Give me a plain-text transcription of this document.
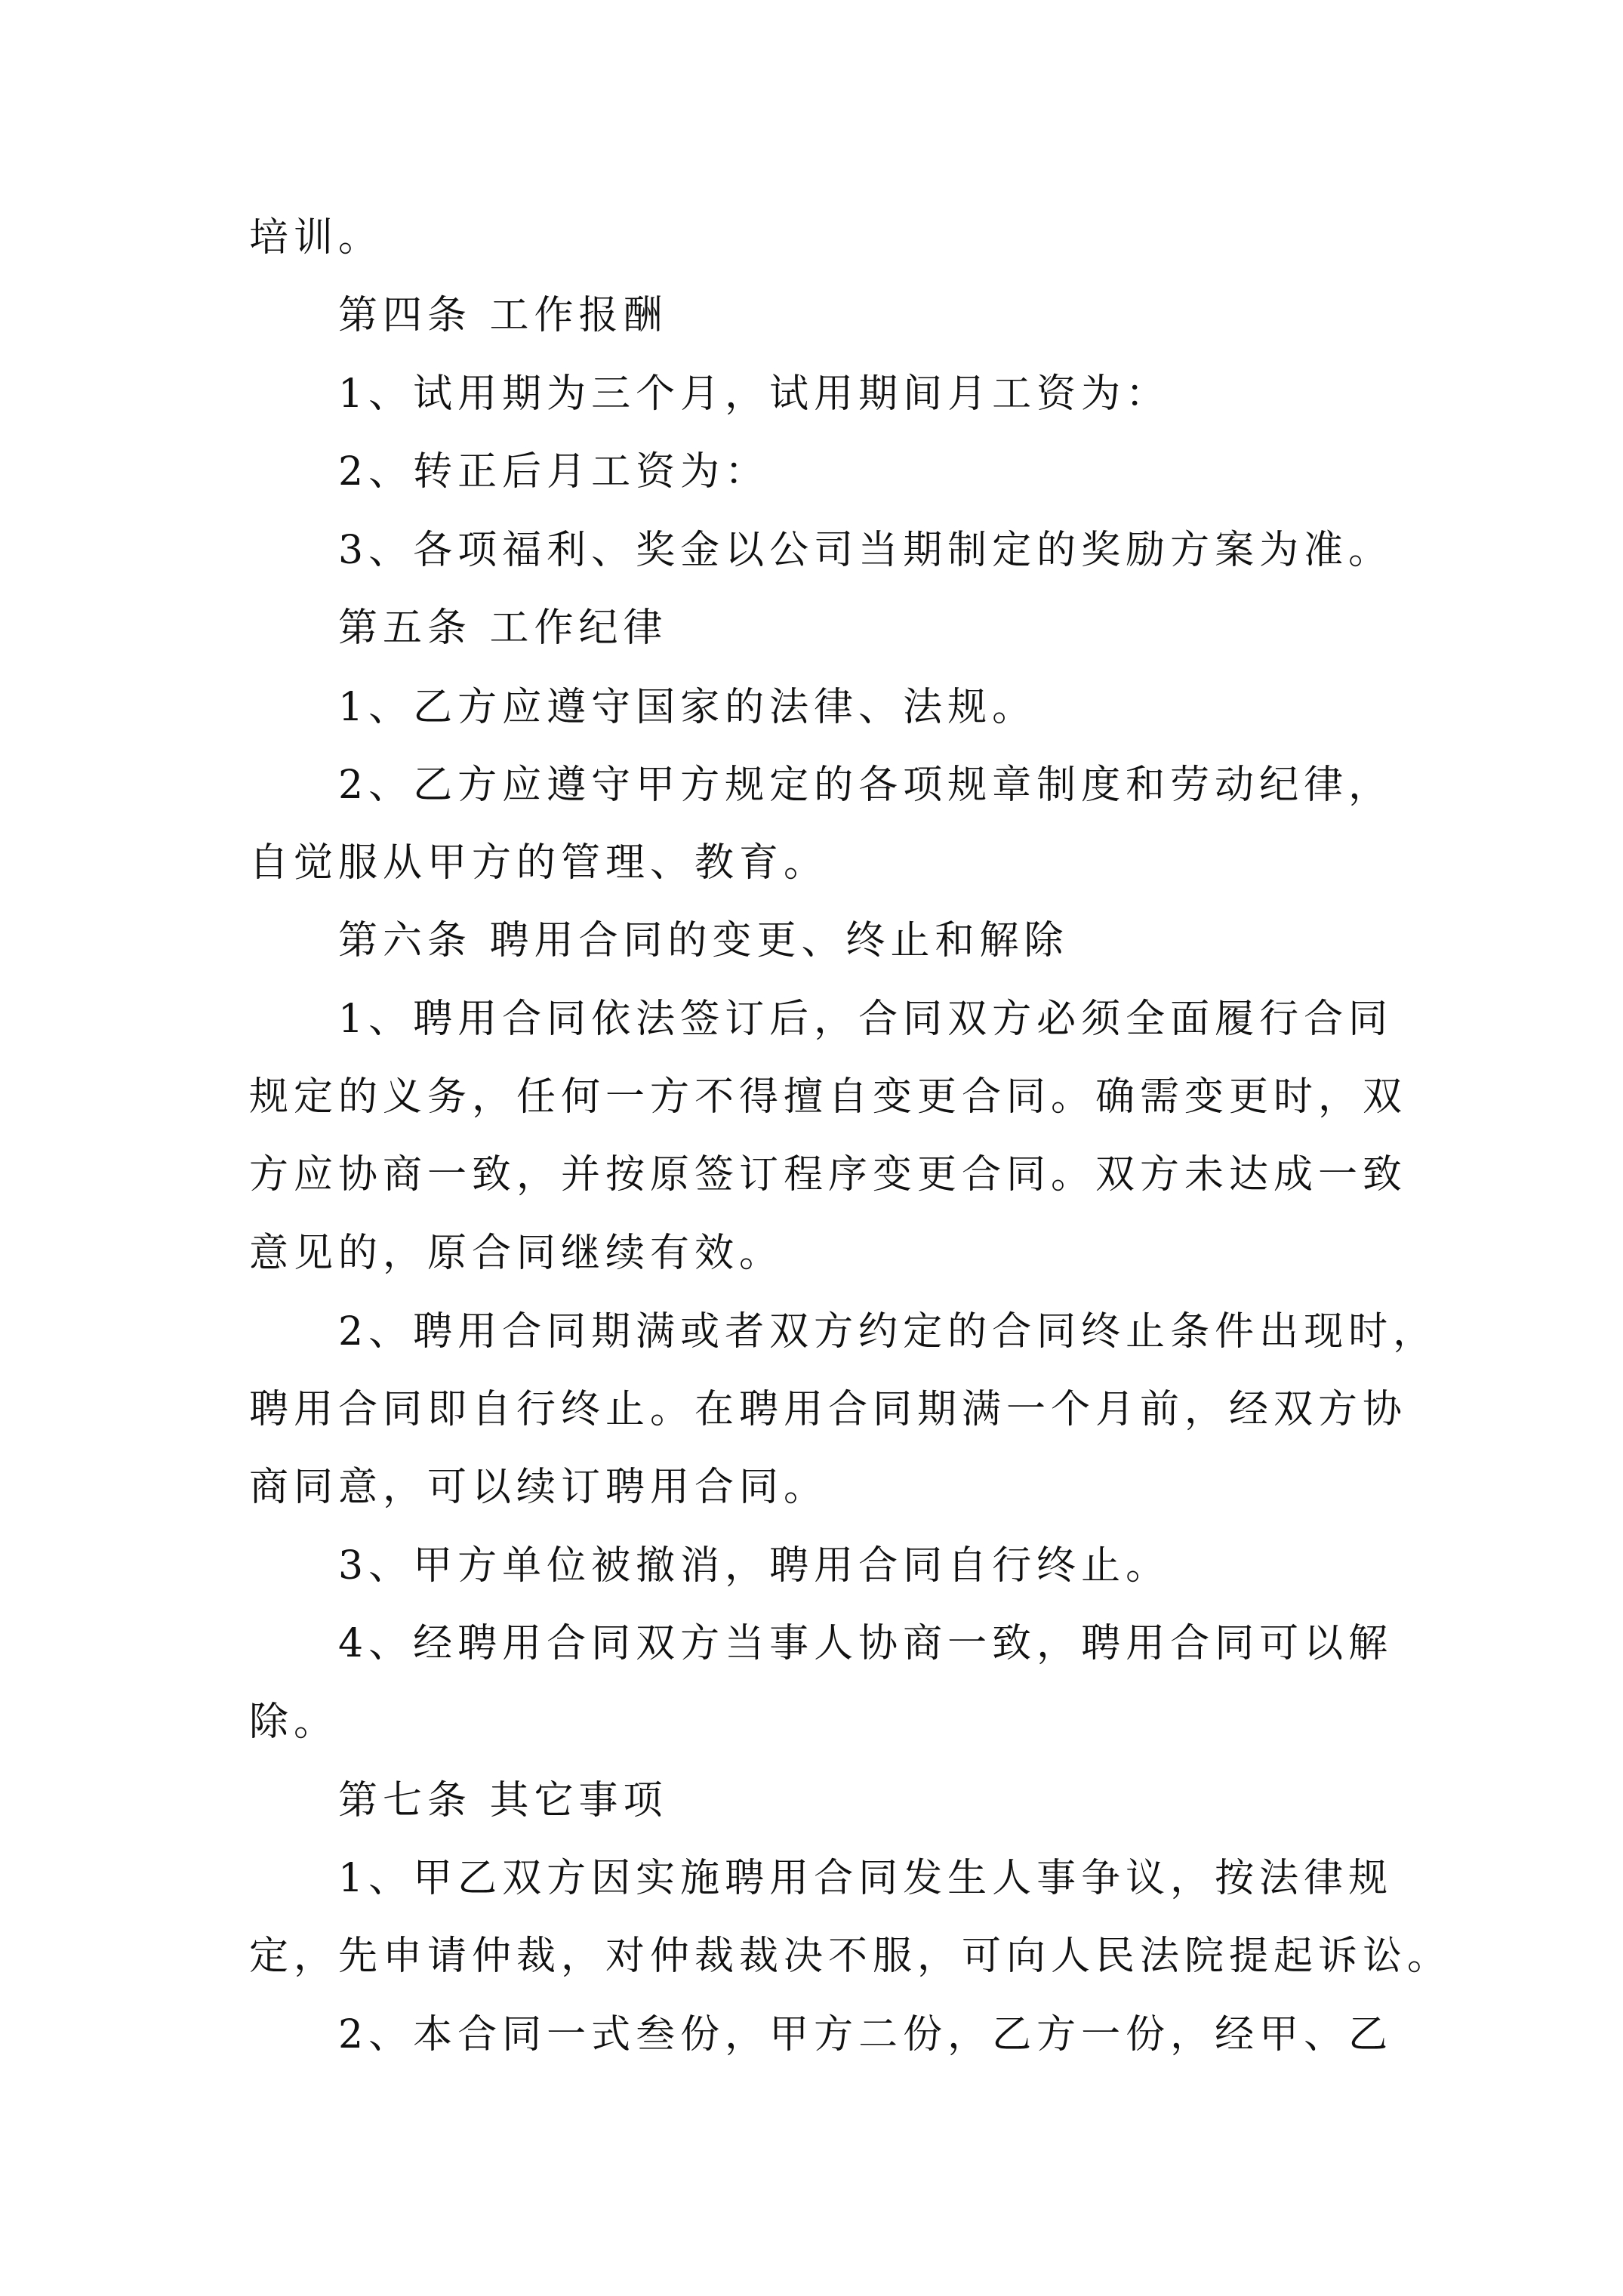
培训。
第四条 工作报酬
1、试用期为三个月，试用期间月工资为：
2、转正后月工资为：
3、各项福利、奖金以公司当期制定的奖励方案为准。
第五条 工作纪律
1、乙方应遵守国家的法律、法规。
2、乙方应遵守甲方规定的各项规章制度和劳动纪律，
自觉服从甲方的管理、教育。
第六条 聘用合同的变更、终止和解除
1、聘用合同依法签订后，合同双方必须全面履行合同
规定的义务，任何一方不得擅自变更合同。确需变更时，双
方应协商一致，并按原签订程序变更合同。双方未达成一致
意见的，原合同继续有效。
2、聘用合同期满或者双方约定的合同终止条件出现时，
聘用合同即自行终止。在聘用合同期满一个月前，经双方协
商同意，可以续订聘用合同。
3、甲方单位被撤消，聘用合同自行终止。
4、经聘用合同双方当事人协商一致，聘用合同可以解
除。
第七条 其它事项
1、甲乙双方因实施聘用合同发生人事争议，按法律规
定，先申请仲裁，对仲裁裁决不服，可向人民法院提起诉讼。
2、本合同一式叁份，甲方二份，乙方一份，经甲、乙
